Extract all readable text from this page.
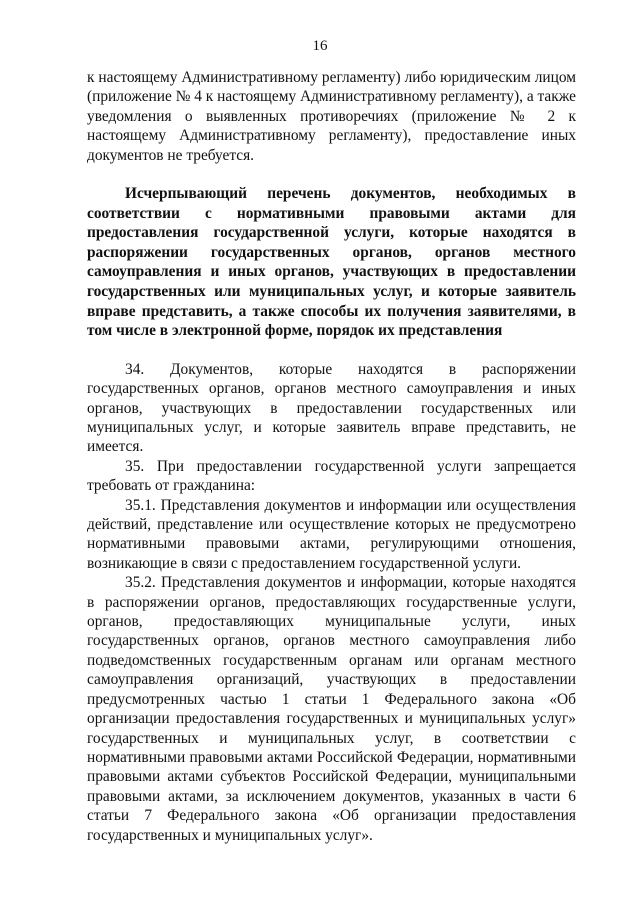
16

к настоящему Административному регламенту) либо юридическим лицом (приложение № 4 к настоящему Административному регламенту), а также уведомления о выявленных противоречиях (приложение № 2 к настоящему Административному регламенту), предоставление иных документов не требуется.

Исчерпывающий перечень документов, необходимых в соответствии с нормативными правовыми актами для предоставления государственной услуги, которые находятся в распоряжении государственных органов, органов местного самоуправления и иных органов, участвующих в предоставлении государственных или муниципальных услуг, и которые заявитель вправе представить, а также способы их получения заявителями, в том числе в электронной форме, порядок их представления

34. Документов, которые находятся в распоряжении государственных органов, органов местного самоуправления и иных органов, участвующих в предоставлении государственных или муниципальных услуг, и которые заявитель вправе представить, не имеется.

35. При предоставлении государственной услуги запрещается требовать от гражданина:

35.1. Представления документов и информации или осуществления действий, представление или осуществление которых не предусмотрено нормативными правовыми актами, регулирующими отношения, возникающие в связи с предоставлением государственной услуги.

35.2. Представления документов и информации, которые находятся в распоряжении органов, предоставляющих государственные услуги, органов, предоставляющих муниципальные услуги, иных государственных органов, органов местного самоуправления либо подведомственных государственным органам или органам местного самоуправления организаций, участвующих в предоставлении предусмотренных частью 1 статьи 1 Федерального закона «Об организации предоставления государственных и муниципальных услуг» государственных и муниципальных услуг, в соответствии с нормативными правовыми актами Российской Федерации, нормативными правовыми актами субъектов Российской Федерации, муниципальными правовыми актами, за исключением документов, указанных в части 6 статьи 7 Федерального закона «Об организации предоставления государственных и муниципальных услуг».
